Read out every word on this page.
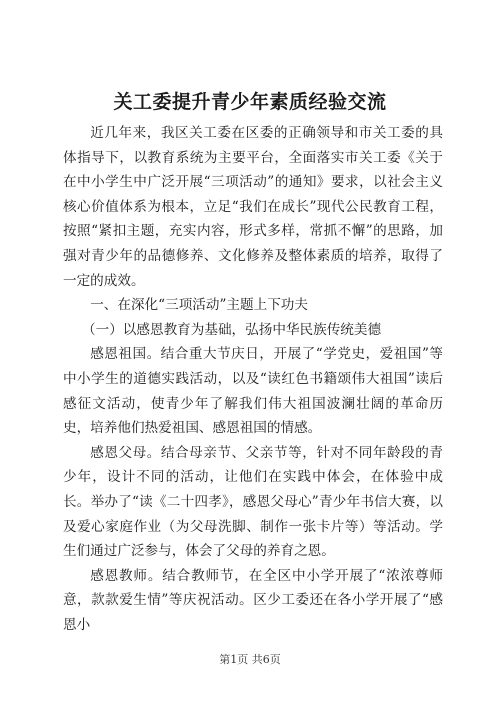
关工委提升青少年素质经验交流

近几年来，我区关工委在区委的正确领导和市关工委的具体指导下，以教育系统为主要平台，全面落实市关工委《关于在中小学生中广泛开展“三项活动”的通知》要求，以社会主义核心价值体系为根本，立足“我们在成长”现代公民教育工程，按照“紧扣主题，充实内容，形式多样，常抓不懈”的思路，加强对青少年的品德修养、文化修养及整体素质的培养，取得了一定的成效。

一、在深化“三项活动”主题上下功夫

（一）以感恩教育为基础，弘扬中华民族传统美德

感恩祖国。结合重大节庆日，开展了“学党史，爱祖国”等中小学生的道德实践活动，以及“读红色书籍颂伟大祖国”读后感征文活动，使青少年了解我们伟大祖国波澜壮阔的革命历史，培养他们热爱祖国、感恩祖国的情感。

感恩父母。结合母亲节、父亲节等，针对不同年龄段的青少年，设计不同的活动，让他们在实践中体会，在体验中成长。举办了“读《二十四孝》，感恩父母心”青少年书信大赛，以及爱心家庭作业（为父母洗脚、制作一张卡片等）等活动。学生们通过广泛参与，体会了父母的养育之恩。

感恩教师。结合教师节，在全区中小学开展了“浓浓尊师意，款款爱生情”等庆祝活动。区少工委还在各小学开展了“感恩小

第1页 共6页
